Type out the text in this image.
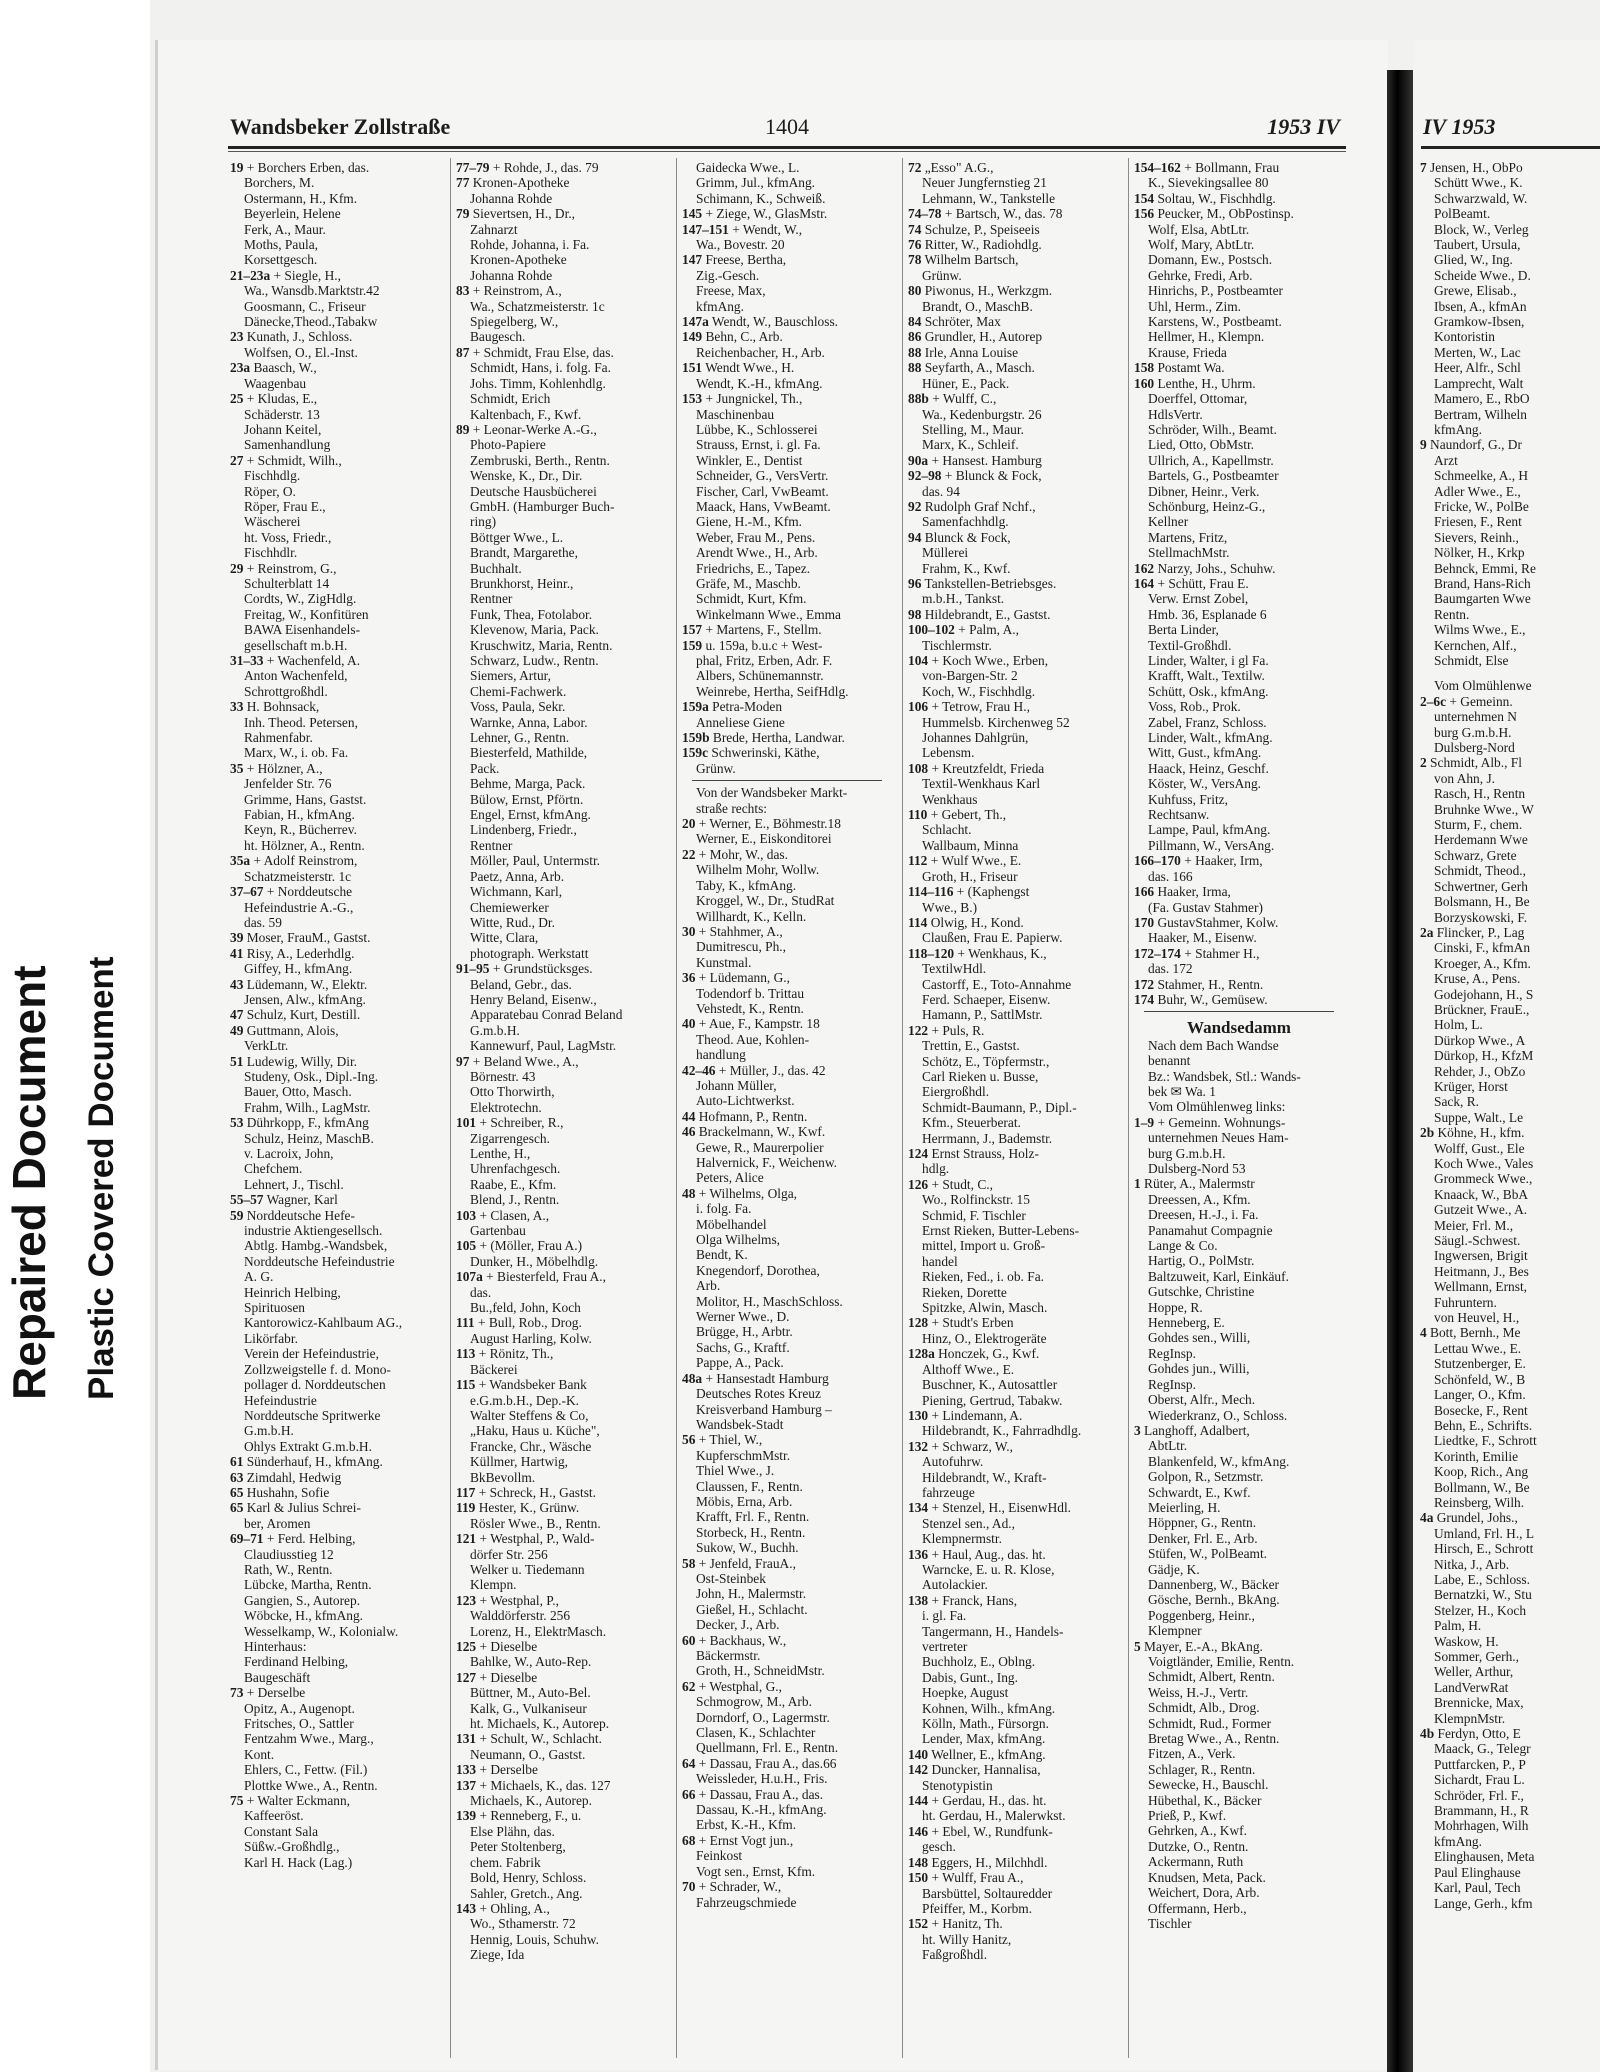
Repaired Document Plastic Covered Document
IV 1953
Wandsbeker Zollstraße	1404	1953 IV
19 + Borchers Erben, das.
Borchers, M.
Ostermann, H., Kfm.
Beyerlein, Helene
Ferk, A., Maur.
Moths, Paula,
Korsettgesch.
21–23a + Siegle, H.,
Wa., Wansdb.Marktstr.42
Goosmann, C., Friseur
Dänecke,Theod.,Tabakw
23 Kunath, J., Schloss.
Wolfsen, O., El.-Inst.
23a Baasch, W.,
Waagenbau
25 + Kludas, E.,
Schäderstr. 13
Johann Keitel,
Samenhandlung
27 + Schmidt, Wilh.,
Fischhdlg.
Röper, O.
Röper, Frau E.,
Wäscherei
ht. Voss, Friedr.,
Fischhdlr.
29 + Reinstrom, G.,
Schulterblatt 14
Cordts, W., ZigHdlg.
Freitag, W., Konfitüren
BAWA Eisenhandels-
gesellschaft m.b.H.
31–33 + Wachenfeld, A.
Anton Wachenfeld,
Schrottgroßhdl.
33 H. Bohnsack,
Inh. Theod. Petersen,
Rahmenfabr.
Marx, W., i. ob. Fa.
35 + Hölzner, A.,
Jenfelder Str. 76
Grimme, Hans, Gastst.
Fabian, H., kfmAng.
Keyn, R., Bücherrev.
ht. Hölzner, A., Rentn.
35a + Adolf Reinstrom,
Schatzmeisterstr. 1c
37–67 + Norddeutsche
Hefeindustrie A.-G.,
das. 59
39 Moser, FrauM., Gastst.
41 Risy, A., Lederhdlg.
Giffey, H., kfmAng.
43 Lüdemann, W., Elektr.
Jensen, Alw., kfmAng.
47 Schulz, Kurt, Destill.
49 Guttmann, Alois,
VerkLtr.
51 Ludewig, Willy, Dir.
Studeny, Osk., Dipl.-Ing.
Bauer, Otto, Masch.
Frahm, Wilh., LagMstr.
53 Dührkopp, F., kfmAng
Schulz, Heinz, MaschB.
v. Lacroix, John,
Chefchem.
Lehnert, J., Tischl.
55–57 Wagner, Karl
59 Norddeutsche Hefe-
industrie Aktiengesellsch.
Abtlg. Hambg.-Wandsbek,
Norddeutsche Hefeindustrie
A. G.
Heinrich Helbing,
Spirituosen
Kantorowicz-Kahlbaum AG.,
Likörfabr.
Verein der Hefeindustrie,
Zollzweigstelle f. d. Mono-
pollager d. Norddeutschen
Hefeindustrie
Norddeutsche Spritwerke
G.m.b.H.
Ohlys Extrakt G.m.b.H.
61 Sünderhauf, H., kfmAng.
63 Zimdahl, Hedwig
65 Hushahn, Sofie
65 Karl & Julius Schrei-
ber, Aromen
69–71 + Ferd. Helbing,
Claudiusstieg 12
Rath, W., Rentn.
Lübcke, Martha, Rentn.
Gangien, S., Autorep.
Wöbcke, H., kfmAng.
Wesselkamp, W., Kolonialw.
Hinterhaus:
Ferdinand Helbing,
Baugeschäft
73 + Derselbe
Opitz, A., Augenopt.
Fritsches, O., Sattler
Fentzahm Wwe., Marg.,
Kont.
Ehlers, C., Fettw. (Fil.)
Plottke Wwe., A., Rentn.
75 + Walter Eckmann,
Kaffeeröst.
Constant Sala
Süßw.-Großhdlg.,
Karl H. Hack (Lag.)
77–79 + Rohde, J., das. 79
77 Kronen-Apotheke
Johanna Rohde
79 Sievertsen, H., Dr.,
Zahnarzt
Rohde, Johanna, i. Fa.
Kronen-Apotheke
Johanna Rohde
83 + Reinstrom, A.,
Wa., Schatzmeisterstr. 1c
Spiegelberg, W.,
Baugesch.
87 + Schmidt, Frau Else, das.
Schmidt, Hans, i. folg. Fa.
Johs. Timm, Kohlenhdlg.
Schmidt, Erich
Kaltenbach, F., Kwf.
89 + Leonar-Werke A.-G.,
Photo-Papiere
Zembruski, Berth., Rentn.
Wenske, K., Dr., Dir.
Deutsche Hausbücherei
GmbH. (Hamburger Buch-
ring)
Böttger Wwe., L.
Brandt, Margarethe,
Buchhalt.
Brunkhorst, Heinr.,
Rentner
Funk, Thea, Fotolabor.
Klevenow, Maria, Pack.
Kruschwitz, Maria, Rentn.
Schwarz, Ludw., Rentn.
Siemers, Artur,
Chemi-Fachwerk.
Voss, Paula, Sekr.
Warnke, Anna, Labor.
Lehner, G., Rentn.
Biesterfeld, Mathilde,
Pack.
Behme, Marga, Pack.
Bülow, Ernst, Pförtn.
Engel, Ernst, kfmAng.
Lindenberg, Friedr.,
Rentner
Möller, Paul, Untermstr.
Paetz, Anna, Arb.
Wichmann, Karl,
Chemiewerker
Witte, Rud., Dr.
Witte, Clara,
photograph. Werkstatt
91–95 + Grundstücksges.
Beland, Gebr., das.
Henry Beland, Eisenw.,
Apparatebau Conrad Beland
G.m.b.H.
Kannewurf, Paul, LagMstr.
97 + Beland Wwe., A.,
Börnestr. 43
Otto Thorwirth,
Elektrotechn.
101 + Schreiber, R.,
Zigarrengesch.
Lenthe, H.,
Uhrenfachgesch.
Raabe, E., Kfm.
Blend, J., Rentn.
103 + Clasen, A.,
Gartenbau
105 + (Möller, Frau A.)
Dunker, H., Möbelhdlg.
107a + Biesterfeld, Frau A.,
das.
Bu.,feld, John, Koch
111 + Bull, Rob., Drog.
August Harling, Kolw.
113 + Rönitz, Th.,
Bäckerei
115 + Wandsbeker Bank
e.G.m.b.H., Dep.-K.
Walter Steffens & Co,
„Haku, Haus u. Küche",
Francke, Chr., Wäsche
Küllmer, Hartwig,
BkBevollm.
117 + Schreck, H., Gastst.
119 Hester, K., Grünw.
Rösler Wwe., B., Rentn.
121 + Westphal, P., Wald-
dörfer Str. 256
Welker u. Tiedemann
Klempn.
123 + Westphal, P.,
Walddörferstr. 256
Lorenz, H., ElektrMasch.
125 + Dieselbe
Bahlke, W., Auto-Rep.
127 + Dieselbe
Büttner, M., Auto-Bel.
Kalk, G., Vulkaniseur
ht. Michaels, K., Autorep.
131 + Schult, W., Schlacht.
Neumann, O., Gastst.
133 + Derselbe
137 + Michaels, K., das. 127
Michaels, K., Autorep.
139 + Renneberg, F., u.
Else Plähn, das.
Peter Stoltenberg,
chem. Fabrik
Bold, Henry, Schloss.
Sahler, Gretch., Ang.
143 + Ohling, A.,
Wo., Sthamerstr. 72
Hennig, Louis, Schuhw.
Ziege, Ida
Gaidecka Wwe., L.
Grimm, Jul., kfmAng.
Schimann, K., Schweiß.
145 + Ziege, W., GlasMstr.
147–151 + Wendt, W.,
Wa., Bovestr. 20
147 Freese, Bertha,
Zig.-Gesch.
Freese, Max,
kfmAng.
147a Wendt, W., Bauschloss.
149 Behn, C., Arb.
Reichenbacher, H., Arb.
151 Wendt Wwe., H.
Wendt, K.-H., kfmAng.
153 + Jungnickel, Th.,
Maschinenbau
Lübbe, K., Schlosserei
Strauss, Ernst, i. gl. Fa.
Winkler, E., Dentist
Schneider, G., VersVertr.
Fischer, Carl, VwBeamt.
Maack, Hans, VwBeamt.
Giene, H.-M., Kfm.
Weber, Frau M., Pens.
Arendt Wwe., H., Arb.
Friedrichs, E., Tapez.
Gräfe, M., Maschb.
Schmidt, Kurt, Kfm.
Winkelmann Wwe., Emma
157 + Martens, F., Stellm.
159 u. 159a, b.u.c + West-
phal, Fritz, Erben, Adr. F.
Albers, Schünemannstr.
Weinrebe, Hertha, SeifHdlg.
159a Petra-Moden
Anneliese Giene
159b Brede, Hertha, Landwar.
159c Schwerinski, Käthe,
Grünw.
Von der Wandsbeker Markt-
straße rechts:
20 + Werner, E., Böhmestr.18
Werner, E., Eiskonditorei
22 + Mohr, W., das.
Wilhelm Mohr, Wollw.
Taby, K., kfmAng.
Kroggel, W., Dr., StudRat
Willhardt, K., Kelln.
30 + Stahhmer, A.,
Dumitrescu, Ph.,
Kunstmal.
36 + Lüdemann, G.,
Todendorf b. Trittau
Vehstedt, K., Rentn.
40 + Aue, F., Kampstr. 18
Theod. Aue, Kohlen-
handlung
42–46 + Müller, J., das. 42
Johann Müller,
Auto-Lichtwerkst.
44 Hofmann, P., Rentn.
46 Brackelmann, W., Kwf.
Gewe, R., Maurerpolier
Halvernick, F., Weichenw.
Peters, Alice
48 + Wilhelms, Olga,
i. folg. Fa.
Möbelhandel
Olga Wilhelms,
Bendt, K.
Knegendorf, Dorothea,
Arb.
Molitor, H., MaschSchloss.
Werner Wwe., D.
Brügge, H., Arbtr.
Sachs, G., Kraftf.
Pappe, A., Pack.
48a + Hansestadt Hamburg
Deutsches Rotes Kreuz
Kreisverband Hamburg –
Wandsbek-Stadt
56 + Thiel, W.,
KupferschmMstr.
Thiel Wwe., J.
Claussen, F., Rentn.
Möbis, Erna, Arb.
Krafft, Frl. F., Rentn.
Storbeck, H., Rentn.
Sukow, W., Buchh.
58 + Jenfeld, FrauA.,
Ost-Steinbek
John, H., Malermstr.
Gießel, H., Schlacht.
Decker, J., Arb.
60 + Backhaus, W.,
Bäckermstr.
Groth, H., SchneidMstr.
62 + Westphal, G.,
Schmogrow, M., Arb.
Dorndorf, O., Lagermstr.
Clasen, K., Schlachter
Quellmann, Frl. E., Rentn.
64 + Dassau, Frau A., das.66
Weissleder, H.u.H., Fris.
66 + Dassau, Frau A., das.
Dassau, K.-H., kfmAng.
Erbst, K.-H., Kfm.
68 + Ernst Vogt jun.,
Feinkost
Vogt sen., Ernst, Kfm.
70 + Schrader, W.,
Fahrzeugschmiede
72 „Esso" A.G.,
Neuer Jungfernstieg 21
Lehmann, W., Tankstelle
74–78 + Bartsch, W., das. 78
74 Schulze, P., Speiseeis
76 Ritter, W., Radiohdlg.
78 Wilhelm Bartsch,
Grünw.
80 Piwonus, H., Werkzgm.
Brandt, O., MaschB.
84 Schröter, Max
86 Grundler, H., Autorep
88 Irle, Anna Louise
88 Seyfarth, A., Masch.
Hüner, E., Pack.
88b + Wulff, C.,
Wa., Kedenburgstr. 26
Stelling, M., Maur.
Marx, K., Schleif.
90a + Hansest. Hamburg
92–98 + Blunck & Fock,
das. 94
92 Rudolph Graf Nchf.,
Samenfachhdlg.
94 Blunck & Fock,
Müllerei
Frahm, K., Kwf.
96 Tankstellen-Betriebsges.
m.b.H., Tankst.
98 Hildebrandt, E., Gastst.
100–102 + Palm, A.,
Tischlermstr.
104 + Koch Wwe., Erben,
von-Bargen-Str. 2
Koch, W., Fischhdlg.
106 + Tetrow, Frau H.,
Hummelsb. Kirchenweg 52
Johannes Dahlgrün,
Lebensm.
108 + Kreutzfeldt, Frieda
Textil-Wenkhaus Karl
Wenkhaus
110 + Gebert, Th.,
Schlacht.
Wallbaum, Minna
112 + Wulf Wwe., E.
Groth, H., Friseur
114–116 + (Kaphengst
Wwe., B.)
114 Olwig, H., Kond.
Claußen, Frau E. Papierw.
118–120 + Wenkhaus, K.,
TextilwHdl.
Castorff, E., Toto-Annahme
Ferd. Schaeper, Eisenw.
Hamann, P., SattlMstr.
122 + Puls, R.
Trettin, E., Gastst.
Schötz, E., Töpfermstr.,
Carl Rieken u. Busse,
Eiergroßhdl.
Schmidt-Baumann, P., Dipl.-
Kfm., Steuerberat.
Herrmann, J., Bademstr.
124 Ernst Strauss, Holz-
hdlg.
126 + Studt, C.,
Wo., Rolfinckstr. 15
Schmid, F. Tischler
Ernst Rieken, Butter-Lebens-
mittel, Import u. Groß-
handel
Rieken, Fed., i. ob. Fa.
Rieken, Dorette
Spitzke, Alwin, Masch.
128 + Studt's Erben
Hinz, O., Elektrogeräte
128a Honczek, G., Kwf.
Althoff Wwe., E.
Buschner, K., Autosattler
Piening, Gertrud, Tabakw.
130 + Lindemann, A.
Hildebrandt, K., Fahrradhdlg.
132 + Schwarz, W.,
Autofuhrw.
Hildebrandt, W., Kraft-
fahrzeuge
134 + Stenzel, H., EisenwHdl.
Stenzel sen., Ad.,
Klempnermstr.
136 + Haul, Aug., das. ht.
Warncke, E. u. R. Klose,
Autolackier.
138 + Franck, Hans,
i. gl. Fa.
Tangermann, H., Handels-
vertreter
Buchholz, E., Oblng.
Dabis, Gunt., Ing.
Hoepke, August
Kohnen, Wilh., kfmAng.
Kölln, Math., Fürsorgn.
Lender, Max, kfmAng.
140 Wellner, E., kfmAng.
142 Duncker, Hannalisa,
Stenotypistin
144 + Gerdau, H., das. ht.
ht. Gerdau, H., Malerwkst.
146 + Ebel, W., Rundfunk-
gesch.
148 Eggers, H., Milchhdl.
150 + Wulff, Frau A.,
Barsbüttel, Soltauredder
Pfeiffer, M., Korbm.
152 + Hanitz, Th.
ht. Willy Hanitz,
Faßgroßhdl.
154–162 + Bollmann, Frau
K., Sievekingsallee 80
154 Soltau, W., Fischhdlg.
156 Peucker, M., ObPostinsp.
Wolf, Elsa, AbtLtr.
Wolf, Mary, AbtLtr.
Domann, Ew., Postsch.
Gehrke, Fredi, Arb.
Hinrichs, P., Postbeamter
Uhl, Herm., Zim.
Karstens, W., Postbeamt.
Hellmer, H., Klempn.
Krause, Frieda
158 Postamt Wa.
160 Lenthe, H., Uhrm.
Doerffel, Ottomar,
HdlsVertr.
Schröder, Wilh., Beamt.
Lied, Otto, ObMstr.
Ullrich, A., Kapellmstr.
Bartels, G., Postbeamter
Dibner, Heinr., Verk.
Schönburg, Heinz-G.,
Kellner
Martens, Fritz,
StellmachMstr.
162 Narzy, Johs., Schuhw.
164 + Schütt, Frau E.
Verw. Ernst Zobel,
Hmb. 36, Esplanade 6
Berta Linder,
Textil-Großhdl.
Linder, Walter, i gl Fa.
Krafft, Walt., Textilw.
Schütt, Osk., kfmAng.
Voss, Rob., Prok.
Zabel, Franz, Schloss.
Linder, Walt., kfmAng.
Witt, Gust., kfmAng.
Haack, Heinz, Geschf.
Köster, W., VersAng.
Kuhfuss, Fritz,
Rechtsanw.
Lampe, Paul, kfmAng.
Pillmann, W., VersAng.
166–170 + Haaker, Irm,
das. 166
166 Haaker, Irma,
(Fa. Gustav Stahmer)
170 GustavStahmer, Kolw.
Haaker, M., Eisenw.
172–174 + Stahmer H.,
das. 172
172 Stahmer, H., Rentn.
174 Buhr, W., Gemüsew.
Wandsedamm
Nach dem Bach Wandse
benannt
Bz.: Wandsbek, Stl.: Wands-
bek ✉ Wa. 1
Vom Olmühlenweg links:
1–9 + Gemeinn. Wohnungs-
unternehmen Neues Ham-
burg G.m.b.H.
Dulsberg-Nord 53
1 Rüter, A., Malermstr
Dreessen, A., Kfm.
Dreesen, H.-J., i. Fa.
Panamahut Compagnie
Lange & Co.
Hartig, O., PolMstr.
Baltzuweit, Karl, Einkäuf.
Gutschke, Christine
Hoppe, R.
Henneberg, E.
Gohdes sen., Willi,
RegInsp.
Gohdes jun., Willi,
RegInsp.
Oberst, Alfr., Mech.
Wiederkranz, O., Schloss.
3 Langhoff, Adalbert,
AbtLtr.
Blankenfeld, W., kfmAng.
Golpon, R., Setzmstr.
Schwardt, E., Kwf.
Meierling, H.
Höppner, G., Rentn.
Denker, Frl. E., Arb.
Stüfen, W., PolBeamt.
Gädje, K.
Dannenberg, W., Bäcker
Gösche, Bernh., BkAng.
Poggenberg, Heinr.,
Klempner
5 Mayer, E.-A., BkAng.
Voigtländer, Emilie, Rentn.
Schmidt, Albert, Rentn.
Weiss, H.-J., Vertr.
Schmidt, Alb., Drog.
Schmidt, Rud., Former
Bretag Wwe., A., Rentn.
Fitzen, A., Verk.
Schlager, R., Rentn.
Sewecke, H., Bauschl.
Hübethal, K., Bäcker
Prieß, P., Kwf.
Gehrken, A., Kwf.
Dutzke, O., Rentn.
Ackermann, Ruth
Knudsen, Meta, Pack.
Weichert, Dora, Arb.
Offermann, Herb.,
Tischler
7 Jensen, H., ObPo
Schütt Wwe., K.
Schwarzwald, W.
PolBeamt.
Block, W., Verleg
Taubert, Ursula,
Glied, W., Ing.
Scheide Wwe., D.
Grewe, Elisab.,
Ibsen, A., kfmAn
Gramkow-Ibsen,
Kontoristin
Merten, W., Lac
Heer, Alfr., Schl
Lamprecht, Walt
Mamero, E., RbO
Bertram, Wilheln
kfmAng.
9 Naundorf, G., Dr
Arzt
Schmeelke, A., H
Adler Wwe., E.,
Fricke, W., PolBe
Friesen, F., Rent
Sievers, Reinh.,
Nölker, H., Krkp
Behnck, Emmi, Re
Brand, Hans-Rich
Baumgarten Wwe
Rentn.
Wilms Wwe., E.,
Kernchen, Alf.,
Schmidt, Else
Vom Olmühlenwe
2–6c + Gemeinn.
unternehmen N
burg G.m.b.H.
Dulsberg-Nord
2 Schmidt, Alb., Fl
von Ahn, J.
Rasch, H., Rentn
Bruhnke Wwe., W
Sturm, F., chem.
Herdemann Wwe
Schwarz, Grete
Schmidt, Theod.,
Schwertner, Gerh
Bolsmann, H., Be
Borzyskowski, F.
2a Flincker, P., Lag
Cinski, F., kfmAn
Kroeger, A., Kfm.
Kruse, A., Pens.
Godejohann, H., S
Brückner, FrauE.,
Holm, L.
Dürkop Wwe., A
Dürkop, H., KfzM
Rehder, J., ObZo
Krüger, Horst
Sack, R.
Suppe, Walt., Le
2b Köhne, H., kfm.
Wolff, Gust., Ele
Koch Wwe., Vales
Grommeck Wwe.,
Knaack, W., BbA
Gutzeit Wwe., A.
Meier, Frl. M.,
Säugl.-Schwest.
Ingwersen, Brigit
Heitmann, J., Bes
Wellmann, Ernst,
Fuhruntern.
von Heuvel, H.,
4 Bott, Bernh., Me
Lettau Wwe., E.
Stutzenberger, E.
Schönfeld, W., B
Langer, O., Kfm.
Bosecke, F., Rent
Behn, E., Schrifts.
Liedtke, F., Schrott
Korinth, Emilie
Koop, Rich., Ang
Bollmann, W., Be
Reinsberg, Wilh.
4a Grundel, Johs.,
Umland, Frl. H., L
Hirsch, E., Schrott
Nitka, J., Arb.
Labe, E., Schloss.
Bernatzki, W., Stu
Stelzer, H., Koch
Palm, H.
Waskow, H.
Sommer, Gerh.,
Weller, Arthur,
LandVerwRat
Brennicke, Max,
KlempnMstr.
4b Ferdyn, Otto, E
Maack, G., Telegr
Puttfarcken, P., P
Sichardt, Frau L.
Schröder, Frl. F.,
Brammann, H., R
Mohrhagen, Wilh
kfmAng.
Elinghausen, Meta
Paul Elinghause
Karl, Paul, Tech
Lange, Gerh., kfm
